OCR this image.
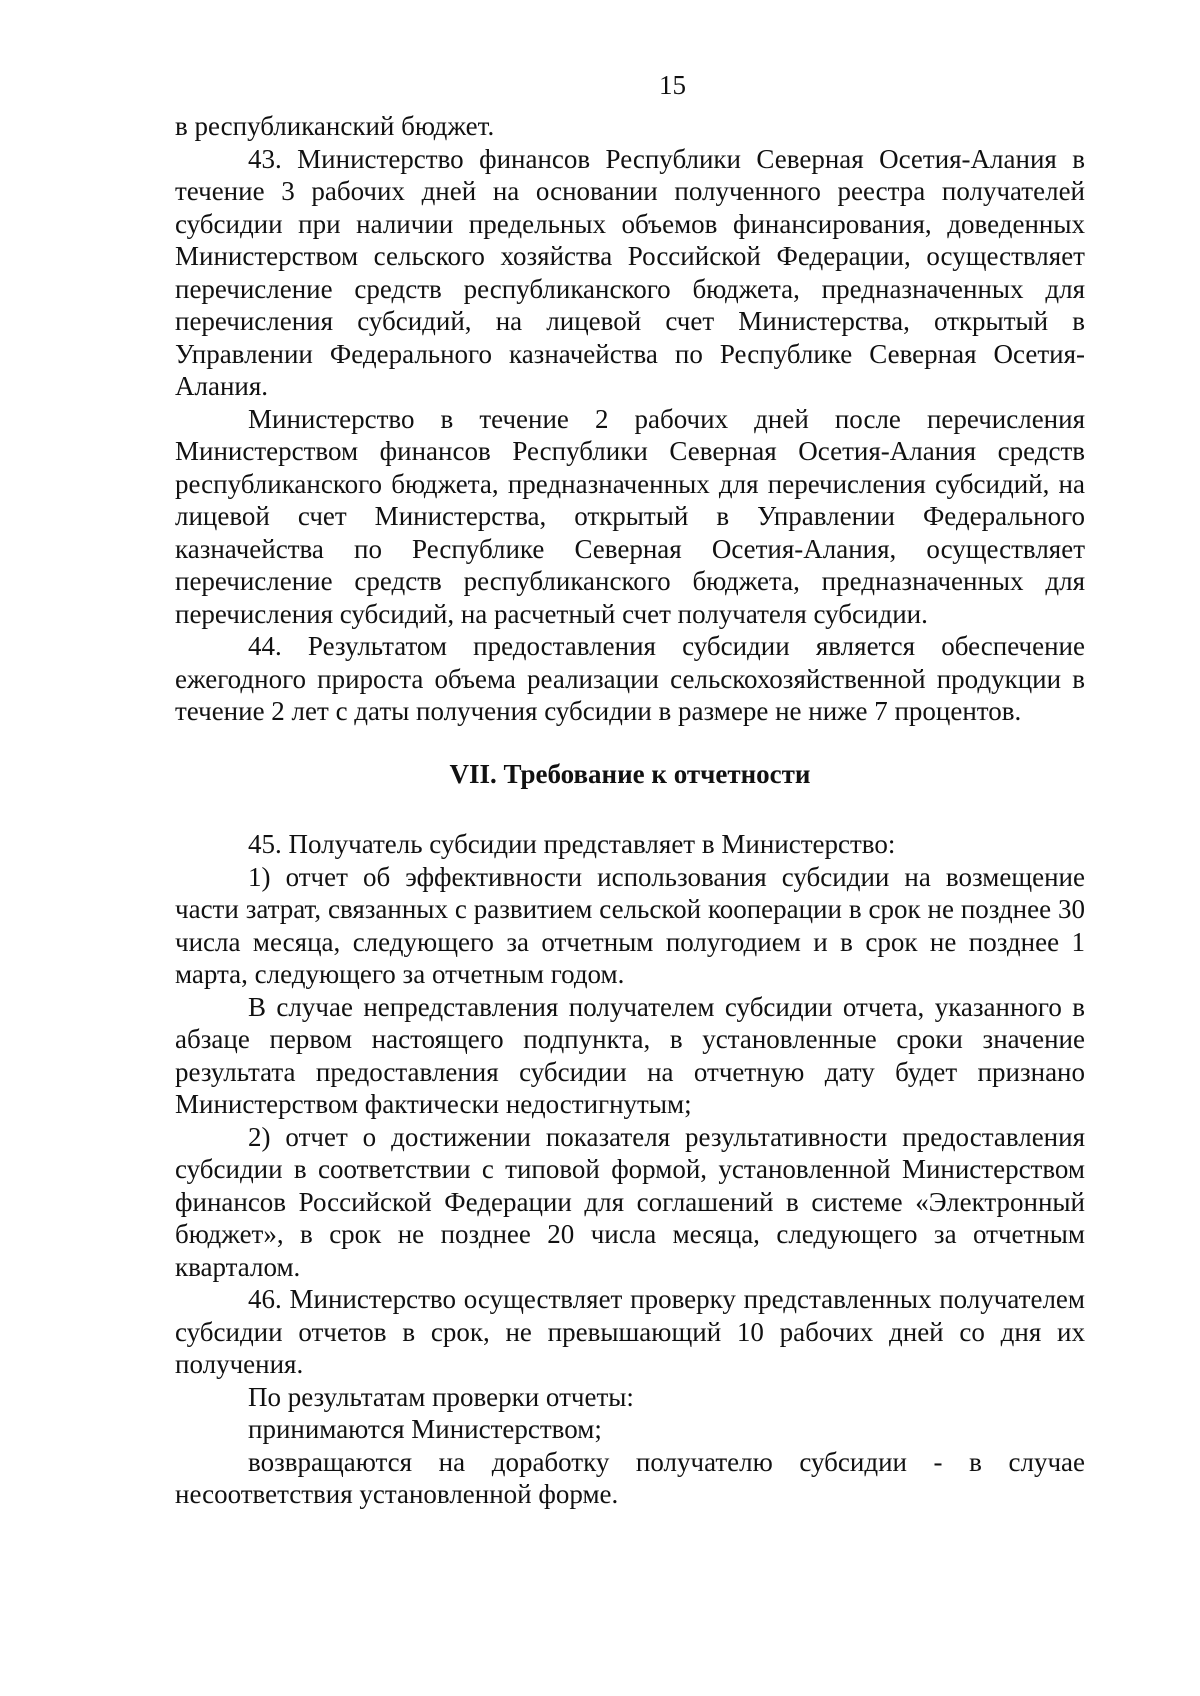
15

в республиканский бюджет.

43. Министерство финансов Республики Северная Осетия-Алания в течение 3 рабочих дней на основании полученного реестра получателей субсидии при наличии предельных объемов финансирования, доведенных Министерством сельского хозяйства Российской Федерации, осуществляет перечисление средств республиканского бюджета, предназначенных для перечисления субсидий, на лицевой счет Министерства, открытый в Управлении Федерального казначейства по Республике Северная Осетия-Алания.

Министерство в течение 2 рабочих дней после перечисления Министерством финансов Республики Северная Осетия-Алания средств республиканского бюджета, предназначенных для перечисления субсидий, на лицевой счет Министерства, открытый в Управлении Федерального казначейства по Республике Северная Осетия-Алания, осуществляет перечисление средств республиканского бюджета, предназначенных для перечисления субсидий, на расчетный счет получателя субсидии.

44. Результатом предоставления субсидии является обеспечение ежегодного прироста объема реализации сельскохозяйственной продукции в течение 2 лет с даты получения субсидии в размере не ниже 7 процентов.

VII. Требование к отчетности

45. Получатель субсидии представляет в Министерство:

1) отчет об эффективности использования субсидии на возмещение части затрат, связанных с развитием сельской кооперации в срок не позднее 30 числа месяца, следующего за отчетным полугодием и в срок не позднее 1 марта, следующего за отчетным годом.

В случае непредставления получателем субсидии отчета, указанного в абзаце первом настоящего подпункта, в установленные сроки значение результата предоставления субсидии на отчетную дату будет признано Министерством фактически недостигнутым;

2) отчет о достижении показателя результативности предоставления субсидии в соответствии с типовой формой, установленной Министерством финансов Российской Федерации для соглашений в системе «Электронный бюджет», в срок не позднее 20 числа месяца, следующего за отчетным кварталом.

46. Министерство осуществляет проверку представленных получателем субсидии отчетов в срок, не превышающий 10 рабочих дней со дня их получения.

По результатам проверки отчеты:

принимаются Министерством;

возвращаются на доработку получателю субсидии - в случае несоответствия установленной форме.
